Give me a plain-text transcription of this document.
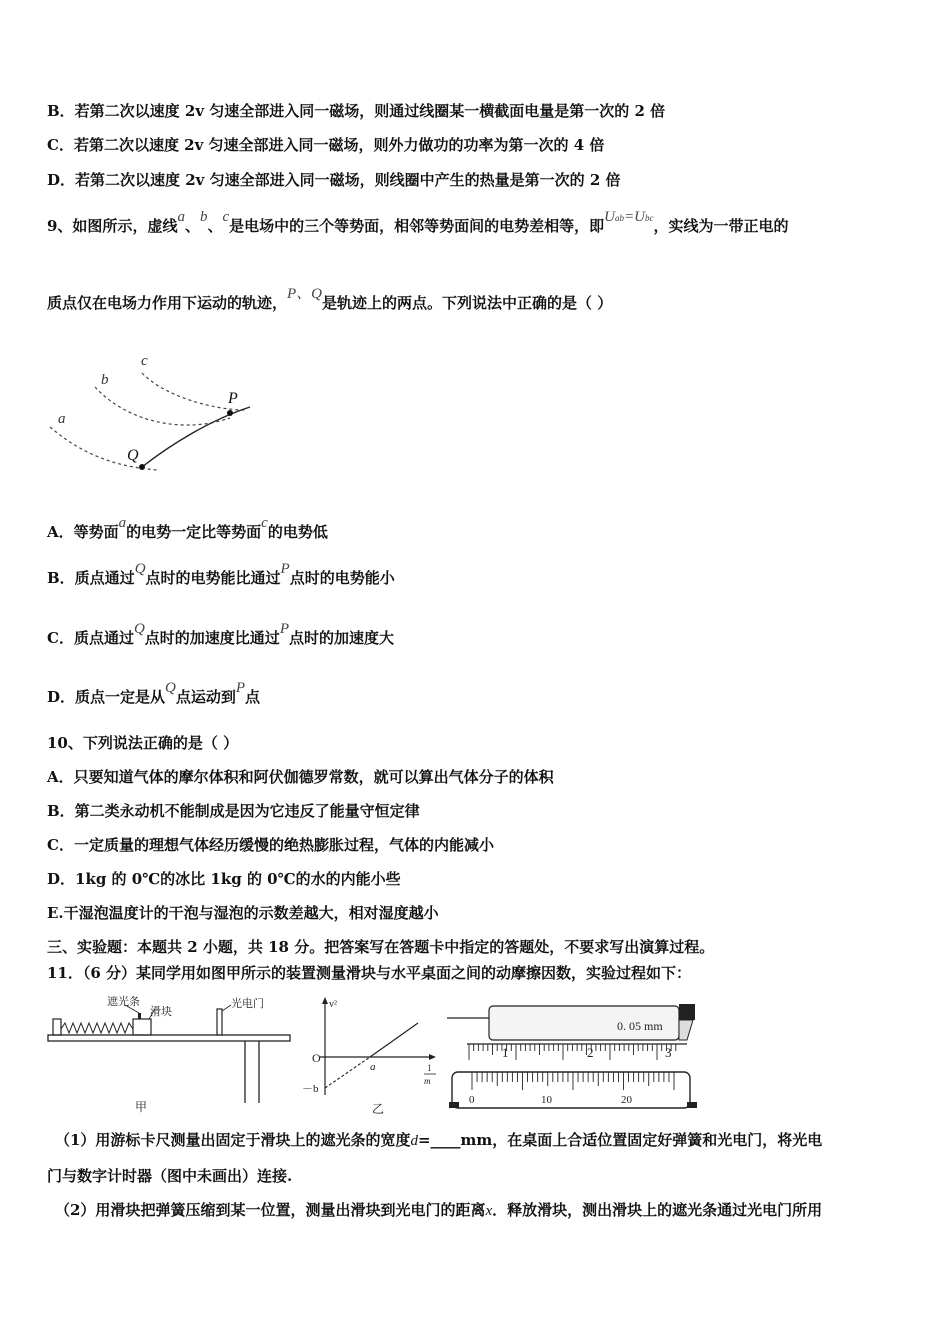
B．若第二次以速度 2v 匀速全部进入同一磁场，则通过线圈某一横截面电量是第一次的 2 倍
C．若第二次以速度 2v 匀速全部进入同一磁场，则外力做功的功率为第一次的 4 倍
D．若第二次以速度 2v 匀速全部进入同一磁场，则线圈中产生的热量是第一次的 2 倍
9、如图所示，虚线a、b、c是电场中的三个等势面，相邻等势面间的电势差相等，即Uab=Ubc，实线为一带正电的
质点仅在电场力作用下运动的轨迹，P、Q是轨迹上的两点。下列说法中正确的是（ ）
a
b
c
P
Q
A．等势面a的电势一定比等势面c的电势低
B．质点通过Q点时的电势能比通过P点时的电势能小
C．质点通过Q点时的加速度比通过P点时的加速度大
D．质点一定是从Q点运动到P点
10、下列说法正确的是（ ）
A．只要知道气体的摩尔体积和阿伏伽德罗常数，就可以算出气体分子的体积
B．第二类永动机不能制成是因为它违反了能量守恒定律
C．一定质量的理想气体经历缓慢的绝热膨胀过程，气体的内能减小
D．1kg 的 0℃的冰比 1kg 的 0℃的水的内能小些
E.干湿泡温度计的干泡与湿泡的示数差越大，相对湿度越小
三、实验题：本题共 2 小题，共 18 分。把答案写在答题卡中指定的答题处，不要求写出演算过程。
11．（6 分）某同学用如图甲所示的装置测量滑块与水平桌面之间的动摩擦因数，实验过程如下：
遮光条
滑块
光电门
甲
v²
O
－b
a	1
m
乙
0. 05 mm
1	2	3
0	10	20
（1）用游标卡尺测量出固定于滑块上的遮光条的宽度d=____mm，在桌面上合适位置固定好弹簧和光电门，将光电
门与数字计时器（图中未画出）连接.
（2）用滑块把弹簧压缩到某一位置，测量出滑块到光电门的距离x．释放滑块，测出滑块上的遮光条通过光电门所用
